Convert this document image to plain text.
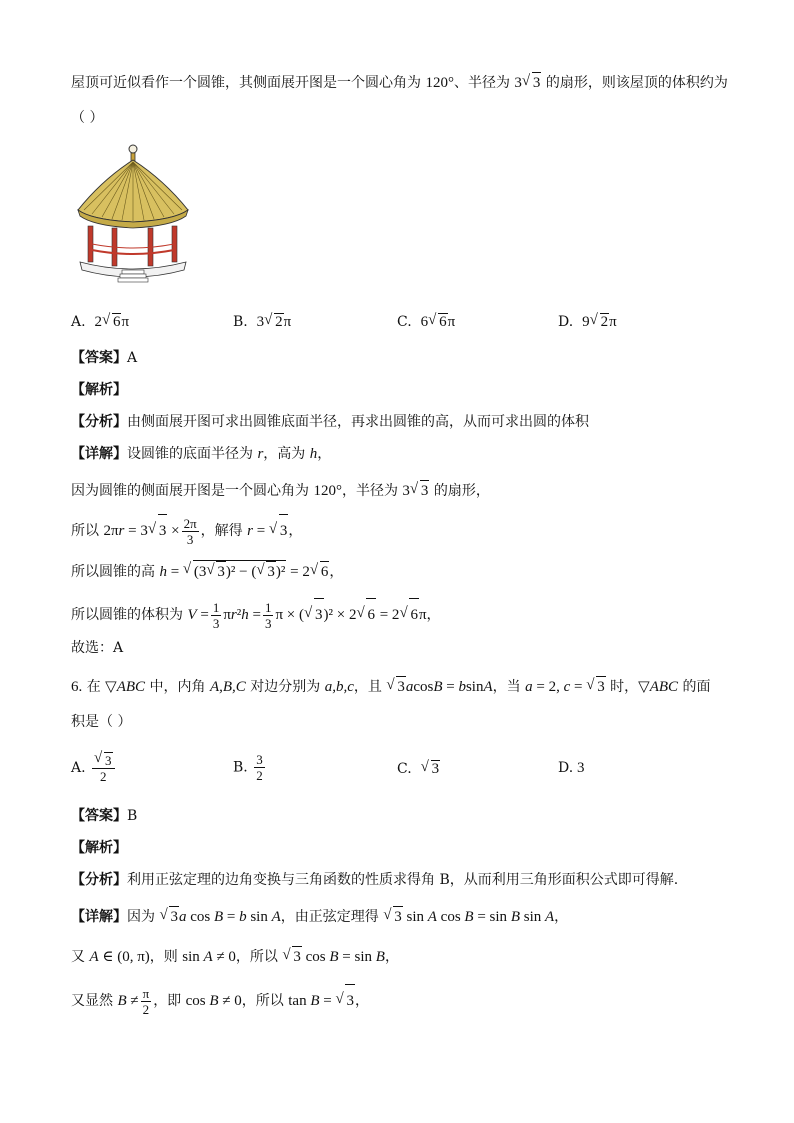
屋顶可近似看作一个圆锥，其侧面展开图是一个圆心角为 120°、半径为 3 √ 3 的扇形，则该屋顶的体积约为
（ ）
A. 2 √ 6π	B. 3 √ 2π	C. 6 √ 6π	D. 9 √ 2π
【答案】A
【解析】
【分析】由侧面展开图可求出圆锥底面半径，再求出圆锥的高，从而可求出圆的体积
【详解】设圆锥的底面半径为 r，高为 h，
因为圆锥的侧面展开图是一个圆心角为 120°，半径为 3 √ 3 的扇形，
所以 2πr = 3 √ $3 \times \frac{2\pi}{3}$ ，解得 r = √ 3，
所以圆锥的高 h = √ (3 √ 3)² − ( √ 3)² = 2 √ 6，
所以圆锥的体积为 $V = \frac{1}{3} \pi r^2h = \frac{1}{3}$ π × ( √ 3)² × 2 √ 6 = 2 √ 6π，
故选：A
6. 在 ▽ABC 中，内角 A,B,C 对边分别为 a,b,c，且 √ 3acosB = bsinA，当 a = 2, c = √ 3 时，▽ABC 的面
积是（ ）
A. √ $\frac{3}{2}$	B. $\frac{3}{2}$	C. √ 3	D. 3
【答案】B
【解析】
【分析】利用正弦定理的边角变换与三角函数的性质求得角 B，从而利用三角形面积公式即可得解.
【详解】因为 √ 3a cos B = b sin A，由正弦定理得 √ 3 sin A cos B = sin B sin A，
又 A ∈ (0, π)，则 sin A ≠ 0，所以 √ 3 cos B = sin B，
又显然 $B \ne \frac{\pi}{2}$ ，即 cos B ≠ 0，所以 tan B = √ 3，
